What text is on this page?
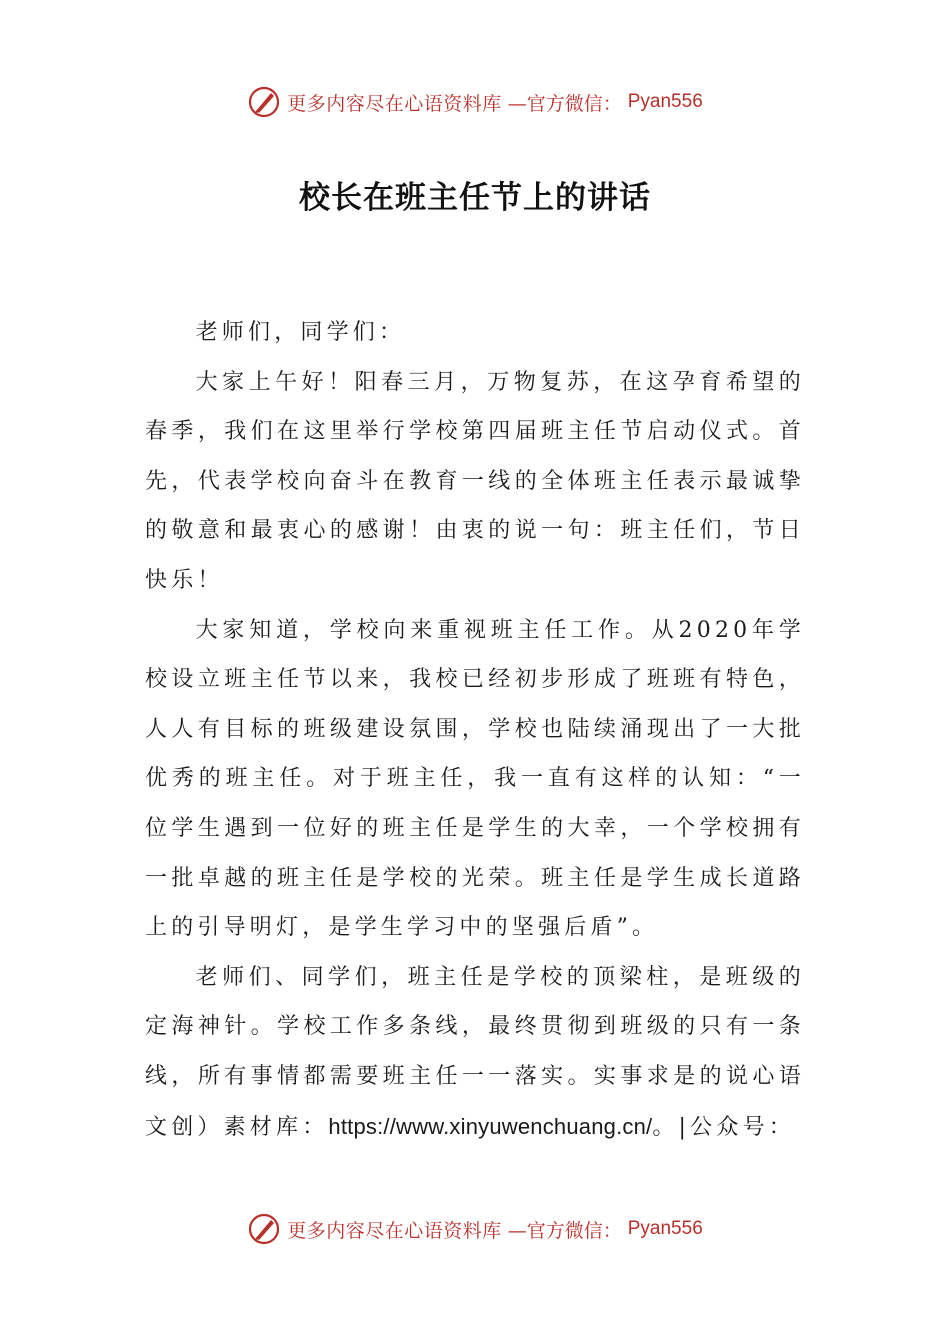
更多内容尽在心语资料库 —官方微信： Pyan556
校长在班主任节上的讲话

老师们，同学们：

大家上午好！阳春三月，万物复苏，在这孕育希望的春季，我们在这里举行学校第四届班主任节启动仪式。首先，代表学校向奋斗在教育一线的全体班主任表示最诚挚的敬意和最衷心的感谢！由衷的说一句：班主任们，节日快乐！

大家知道，学校向来重视班主任工作。从2020年学校设立班主任节以来，我校已经初步形成了班班有特色，人人有目标的班级建设氛围，学校也陆续涌现出了一大批优秀的班主任。对于班主任，我一直有这样的认知：“一位学生遇到一位好的班主任是学生的大幸，一个学校拥有一批卓越的班主任是学校的光荣。班主任是学生成长道路上的引导明灯，是学生学习中的坚强后盾”。

老师们、同学们，班主任是学校的顶梁柱，是班级的定海神针。学校工作多条线，最终贯彻到班级的只有一条线，所有事情都需要班主任一一落实。实事求是的说心语文创）素材库：https://www.xinyuwenchuang.cn/。|公众号：

更多内容尽在心语资料库 —官方微信： Pyan556
